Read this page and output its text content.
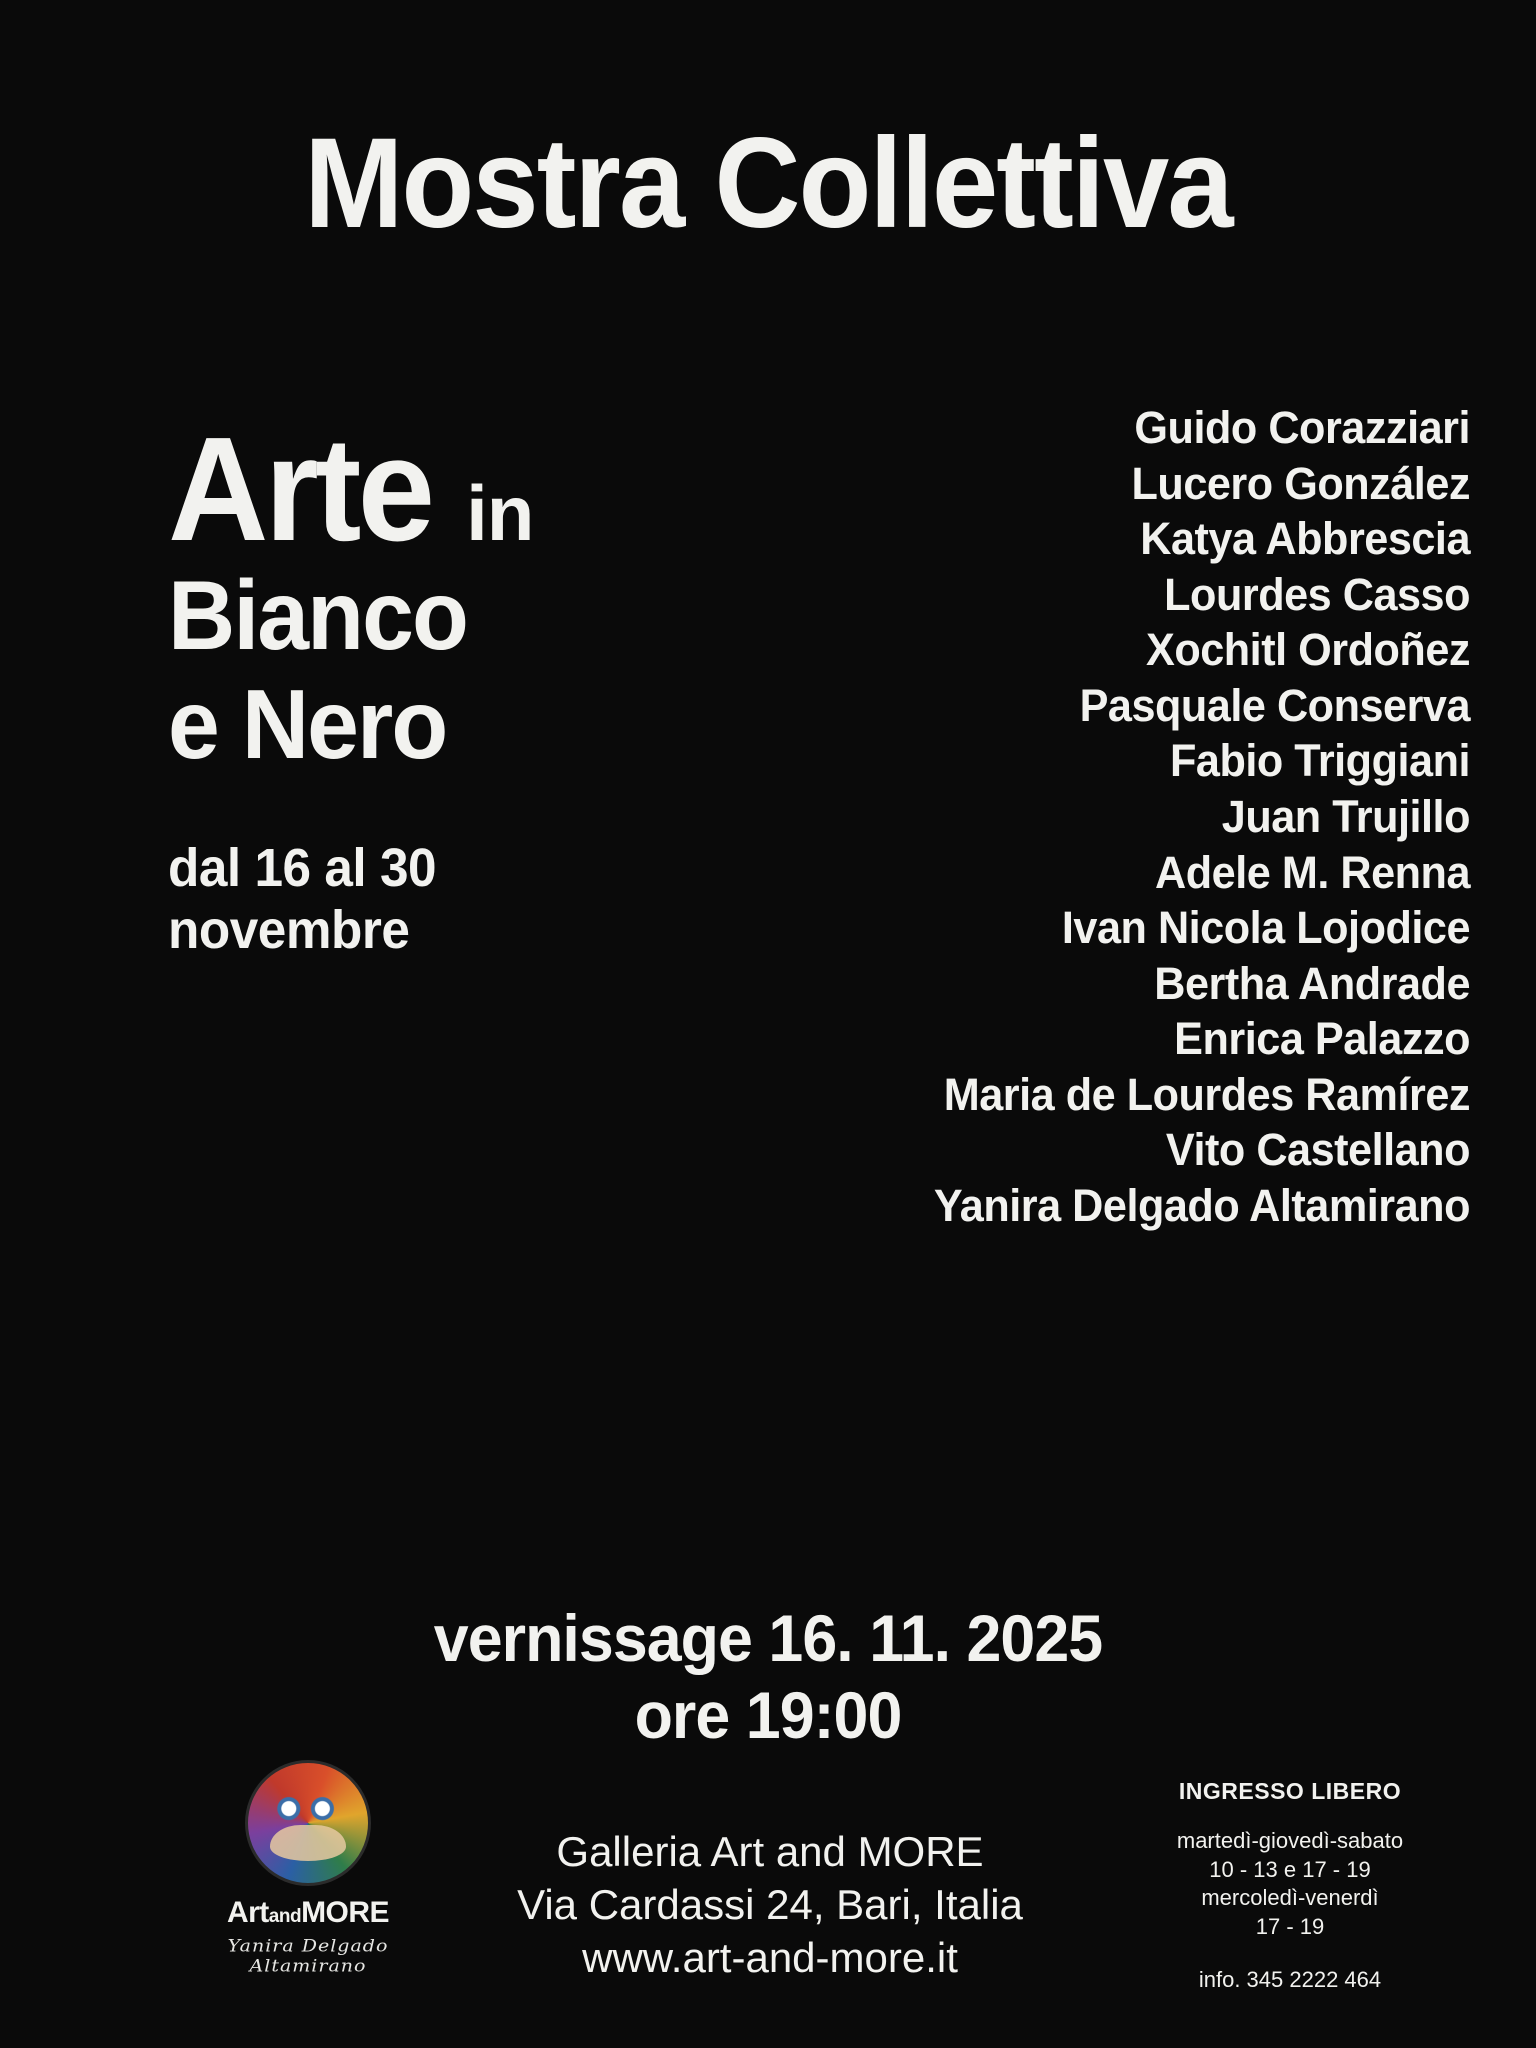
Mostra Collettiva
Arte in
Bianco
e Nero
dal 16 al 30
novembre
Guido Corazziari
Lucero González
Katya Abbrescia
Lourdes Casso
Xochitl Ordoñez
Pasquale Conserva
Fabio Triggiani
Juan Trujillo
Adele M. Renna
Ivan Nicola Lojodice
Bertha Andrade
Enrica Palazzo
Maria de Lourdes Ramírez
Vito Castellano
Yanira Delgado Altamirano
vernissage 16. 11. 2025
ore 19:00
ArtandMORE
Yanira Delgado Altamirano
Galleria Art and MORE
Via Cardassi 24, Bari, Italia
www.art-and-more.it
INGRESSO LIBERO
martedì-giovedì-sabato
10 - 13 e 17 - 19
mercoledì-venerdì
17 - 19
info. 345 2222 464
